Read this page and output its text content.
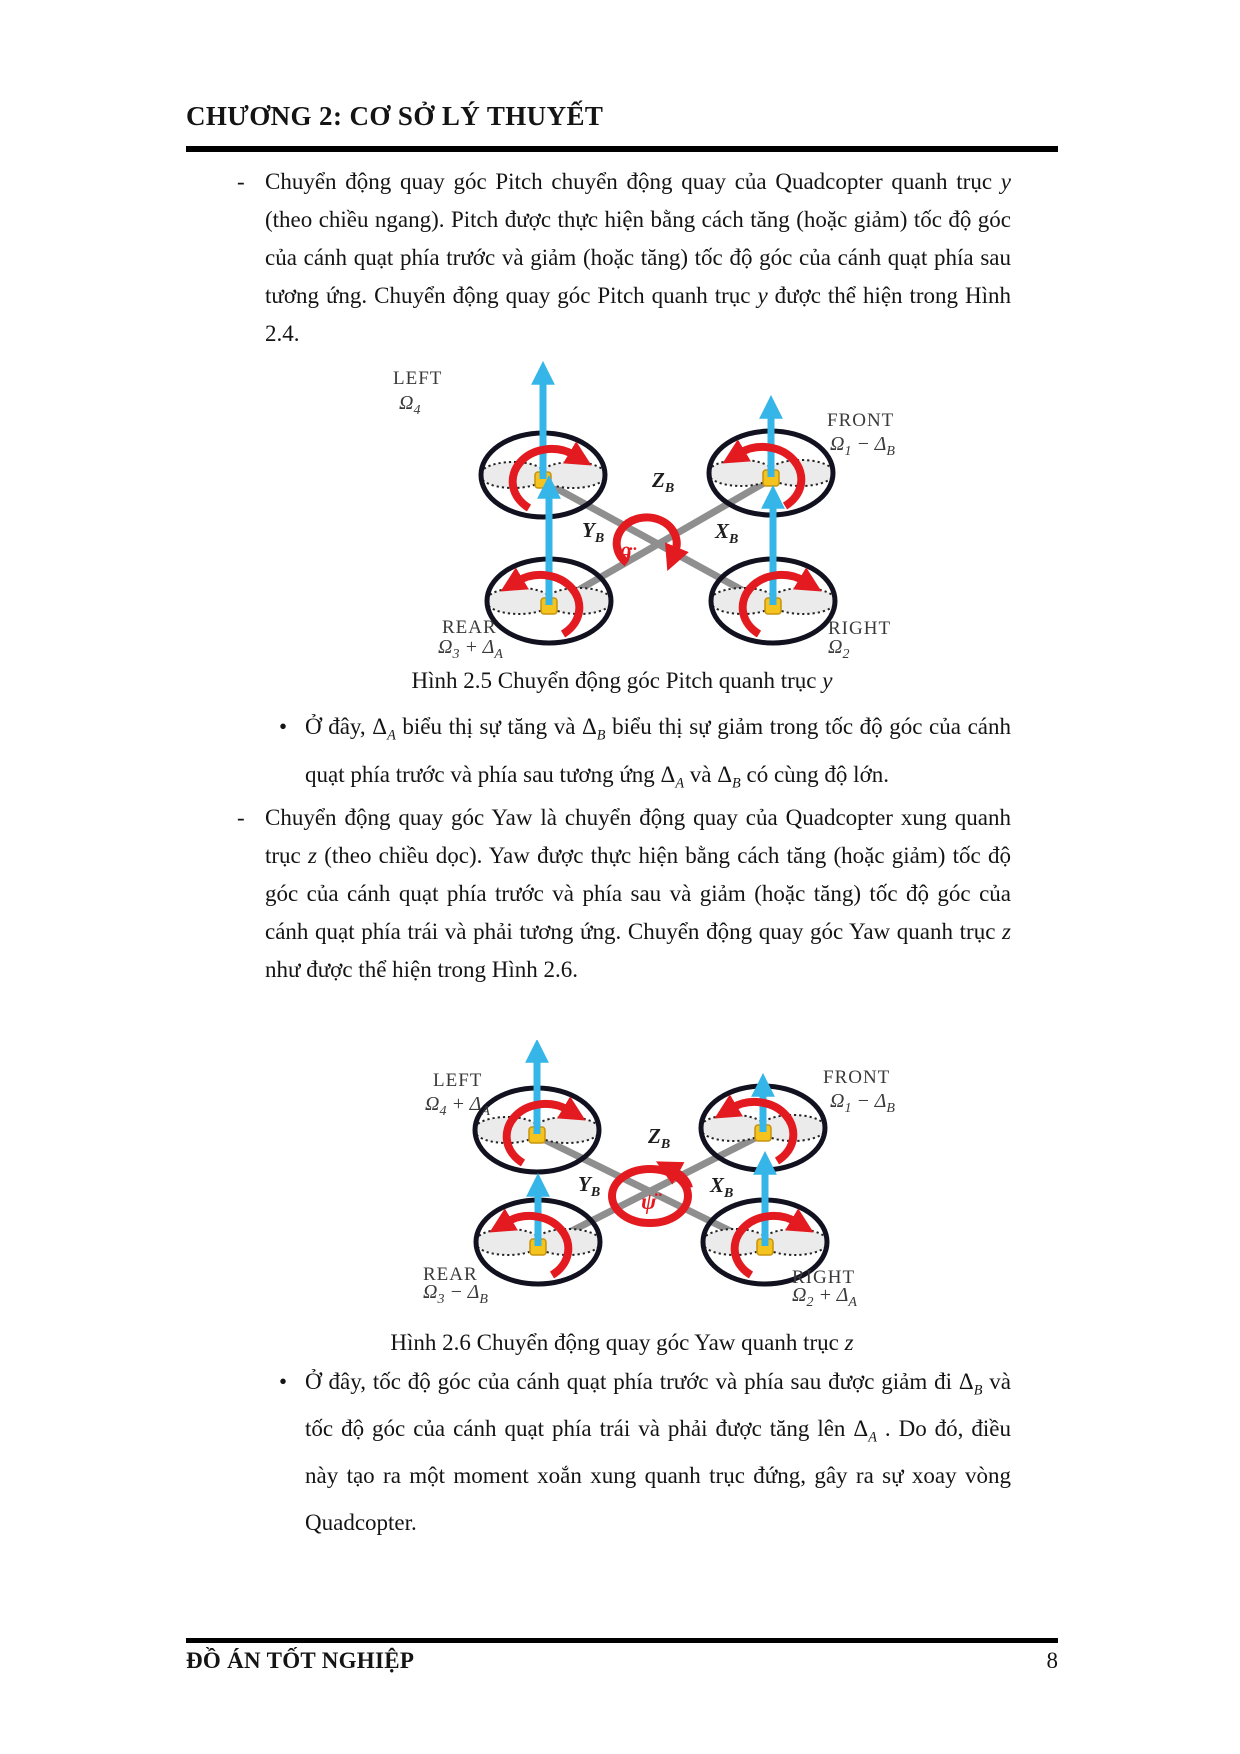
CHƯƠNG 2: CƠ SỞ LÝ THUYẾT
- Chuyển động quay góc Pitch chuyển động quay của Quadcopter quanh trục y (theo chiều ngang). Pitch được thực hiện bằng cách tăng (hoặc giảm) tốc độ góc của cánh quạt phía trước và giảm (hoặc tăng) tốc độ góc của cánh quạt phía sau tương ứng. Chuyển động quay góc Pitch quanh trục y được thể hiện trong Hình 2.4.
LEFT
$\Omega_4$	FRONT
$\Omega_1 - \Delta_B$
$Z_B$
$Y_B$	$X_B$
θ̈
REAR
$\Omega_3 + \Delta_A$
RIGHT
$\Omega_2$
Hình 2.5 Chuyển động góc Pitch quanh trục y
• Ở đây, $\Delta_A$ biểu thị sự tăng và $\Delta_B$ biểu thị sự giảm trong tốc độ góc của cánh quạt phía trước và phía sau tương ứng $\Delta_A$ và $\Delta_B$ có cùng độ lớn.
- Chuyển động quay góc Yaw là chuyển động quay của Quadcopter xung quanh trục z (theo chiều dọc). Yaw được thực hiện bằng cách tăng (hoặc giảm) tốc độ góc của cánh quạt phía trước và phía sau và giảm (hoặc tăng) tốc độ góc của cánh quạt phía trái và phải tương ứng. Chuyển động quay góc Yaw quanh trục z như được thể hiện trong Hình 2.6.
LEFT
$\Omega_4 + \Delta_A$
FRONT
$\Omega_1 - \Delta_B$
$Z_B$
$Y_B$	$X_B$
ψ̈
REAR
$\Omega_3 - \Delta_B$
RIGHT
$\Omega_2 + \Delta_A$
Hình 2.6 Chuyển động quay góc Yaw quanh trục z
• Ở đây, tốc độ góc của cánh quạt phía trước và phía sau được giảm đi $\Delta_B$ và tốc độ góc của cánh quạt phía trái và phải được tăng lên $\Delta_A$ . Do đó, điều này tạo ra một moment xoắn xung quanh trục đứng, gây ra sự xoay vòng Quadcopter.
ĐỒ ÁN TỐT NGHIỆP	8
